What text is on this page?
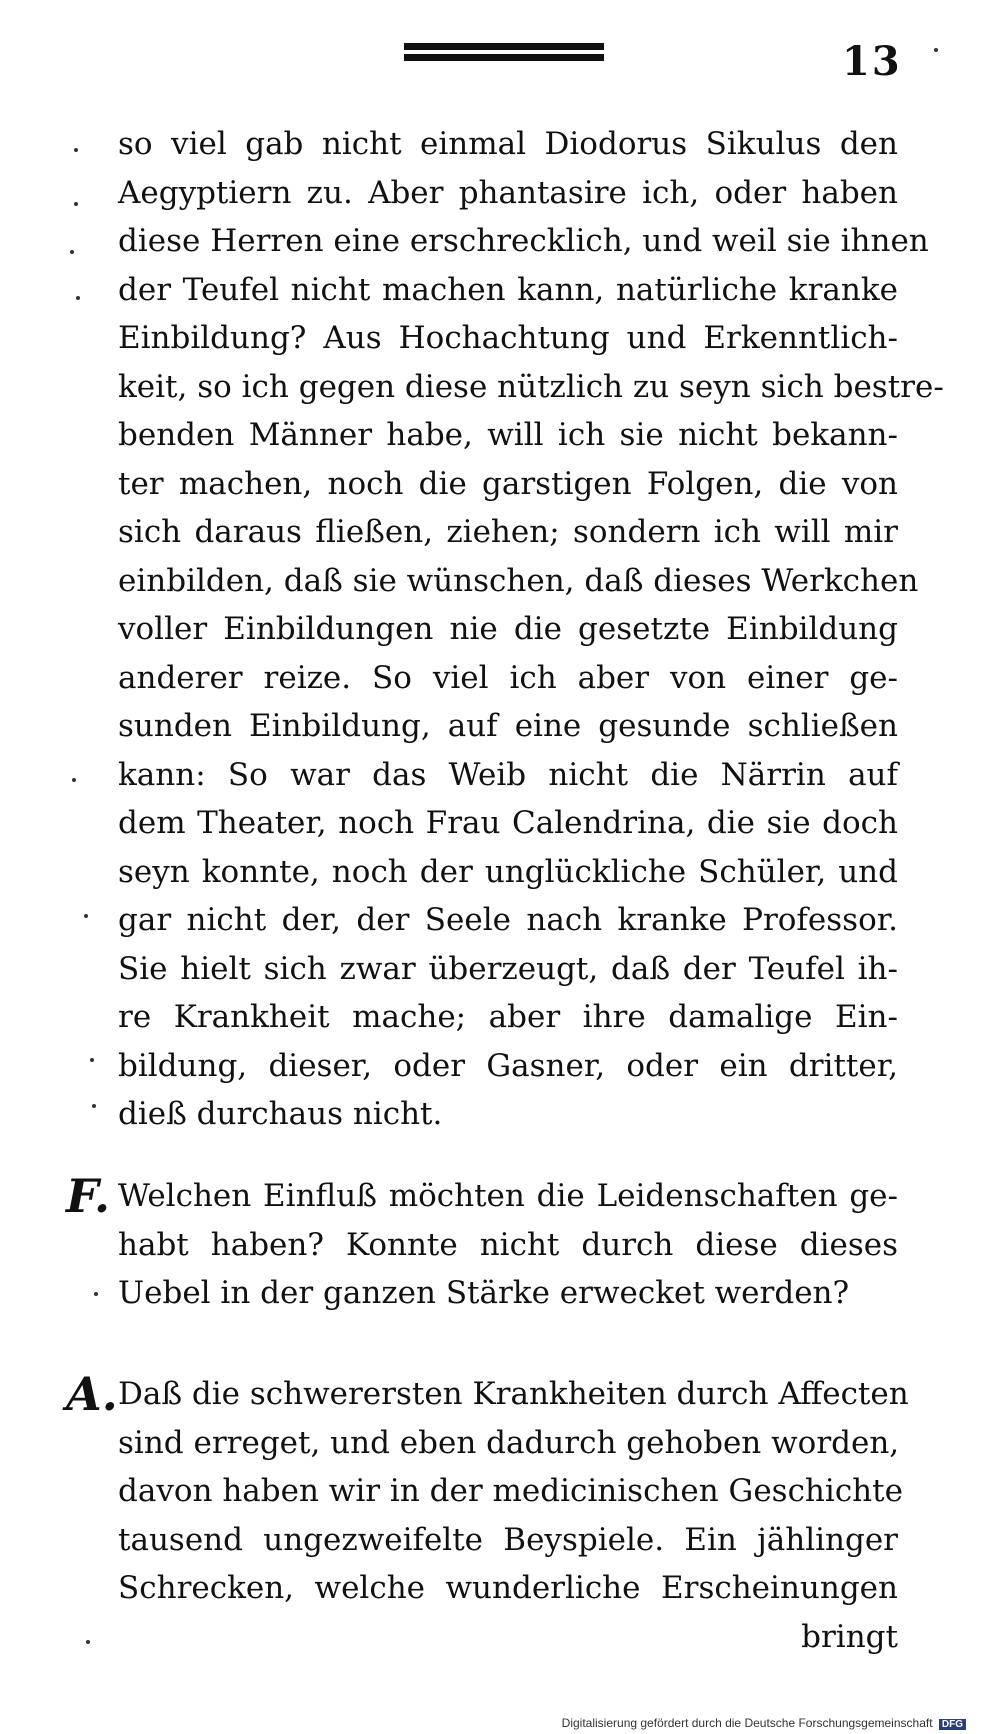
13
so viel gab nicht einmal Diodorus Sikulus den
Aegyptiern zu. Aber phantasire ich, oder haben
diese Herren eine erschrecklich, und weil sie ihnen
der Teufel nicht machen kann, natürliche kranke
Einbildung? Aus Hochachtung und Erkenntlich-
keit, so ich gegen diese nützlich zu seyn sich bestre-
benden Männer habe, will ich sie nicht bekann-
ter machen, noch die garstigen Folgen, die von
sich daraus fließen, ziehen; sondern ich will mir
einbilden, daß sie wünschen, daß dieses Werkchen
voller Einbildungen nie die gesetzte Einbildung
anderer reize. So viel ich aber von einer ge-
sunden Einbildung, auf eine gesunde schließen
kann: So war das Weib nicht die Närrin auf
dem Theater, noch Frau Calendrina, die sie doch
seyn konnte, noch der unglückliche Schüler, und
gar nicht der, der Seele nach kranke Professor.
Sie hielt sich zwar überzeugt, daß der Teufel ih-
re Krankheit mache; aber ihre damalige Ein-
bildung, dieser, oder Gasner, oder ein dritter,
dieß durchaus nicht.
F. Welchen Einfluß möchten die Leidenschaften ge-
habt haben? Konnte nicht durch diese dieses
Uebel in der ganzen Stärke erwecket werden?
A. Daß die schwerersten Krankheiten durch Affecten
sind erreget, und eben dadurch gehoben worden,
davon haben wir in der medicinischen Geschichte
tausend ungezweifelte Beyspiele. Ein jählinger
Schrecken, welche wunderliche Erscheinungen
bringt
Digitalisierung gefördert durch die Deutsche Forschungsgemeinschaft DFG
